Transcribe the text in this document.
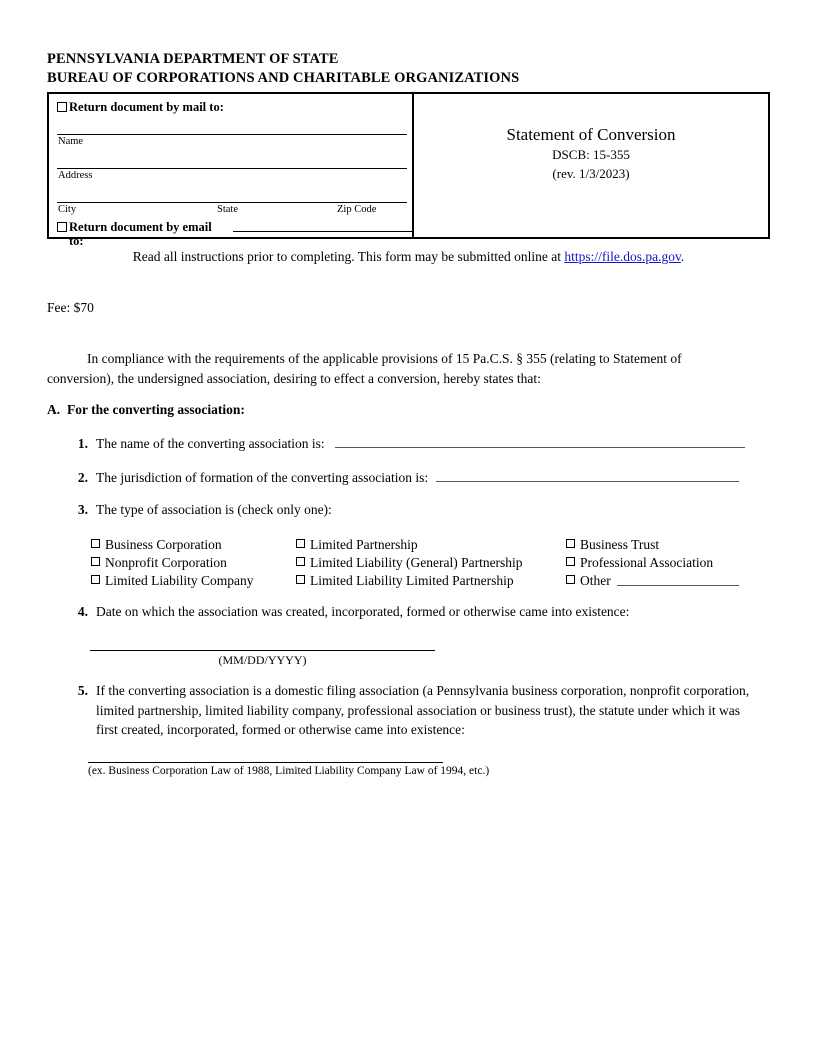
PENNSYLVANIA DEPARTMENT OF STATE
BUREAU OF CORPORATIONS AND CHARITABLE ORGANIZATIONS
Return document by mail to:
Name
Address
City	State	Zip Code
Return document by email to:
Statement of Conversion
DSCB: 15-355
(rev. 1/3/2023)
Read all instructions prior to completing. This form may be submitted online at https://file.dos.pa.gov.
Fee: $70
In compliance with the requirements of the applicable provisions of 15 Pa.C.S. § 355 (relating to Statement of conversion), the undersigned association, desiring to effect a conversion, hereby states that:
A. For the converting association:
1. The name of the converting association is:
2. The jurisdiction of formation of the converting association is:
3. The type of association is (check only one):
Business Corporation	Limited Partnership	Business Trust
Nonprofit Corporation	Limited Liability (General) Partnership	Professional Association
Limited Liability Company	Limited Liability Limited Partnership	Other
4. Date on which the association was created, incorporated, formed or otherwise came into existence:
(MM/DD/YYYY)
5. If the converting association is a domestic filing association (a Pennsylvania business corporation, nonprofit corporation, limited partnership, limited liability company, professional association or business trust), the statute under which it was first created, incorporated, formed or otherwise came into existence:
(ex. Business Corporation Law of 1988, Limited Liability Company Law of 1994, etc.)
